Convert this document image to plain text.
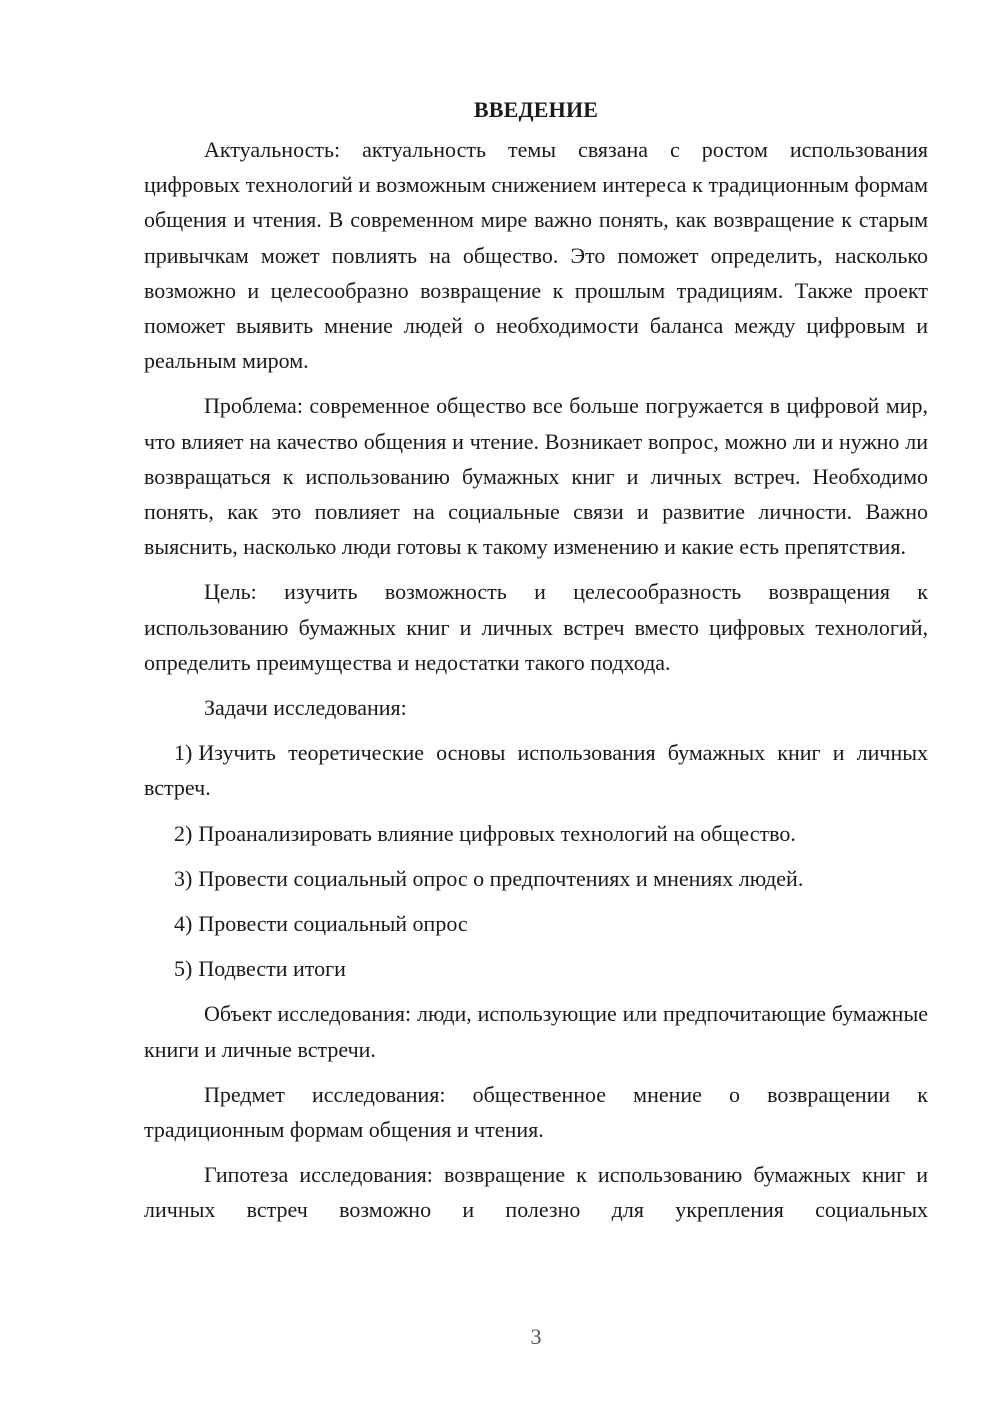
ВВЕДЕНИЕ

Актуальность: актуальность темы связана с ростом использования цифровых технологий и возможным снижением интереса к традиционным формам общения и чтения. В современном мире важно понять, как возвращение к старым привычкам может повлиять на общество. Это поможет определить, насколько возможно и целесообразно возвращение к прошлым традициям. Также проект поможет выявить мнение людей о необходимости баланса между цифровым и реальным миром.

Проблема: современное общество все больше погружается в цифровой мир, что влияет на качество общения и чтение. Возникает вопрос, можно ли и нужно ли возвращаться к использованию бумажных книг и личных встреч. Необходимо понять, как это повлияет на социальные связи и развитие личности. Важно выяснить, насколько люди готовы к такому изменению и какие есть препятствия.

Цель: изучить возможность и целесообразность возвращения к использованию бумажных книг и личных встреч вместо цифровых технологий, определить преимущества и недостатки такого подхода.

Задачи исследования:

1) Изучить теоретические основы использования бумажных книг и личных встреч.

2) Проанализировать влияние цифровых технологий на общество.

3) Провести социальный опрос о предпочтениях и мнениях людей.

4) Провести социальный опрос

5) Подвести итоги

Объект исследования: люди, использующие или предпочитающие бумажные книги и личные встречи.

Предмет исследования: общественное мнение о возвращении к традиционным формам общения и чтения.

Гипотеза исследования: возвращение к использованию бумажных книг и личных встреч возможно и полезно для укрепления социальных

3
